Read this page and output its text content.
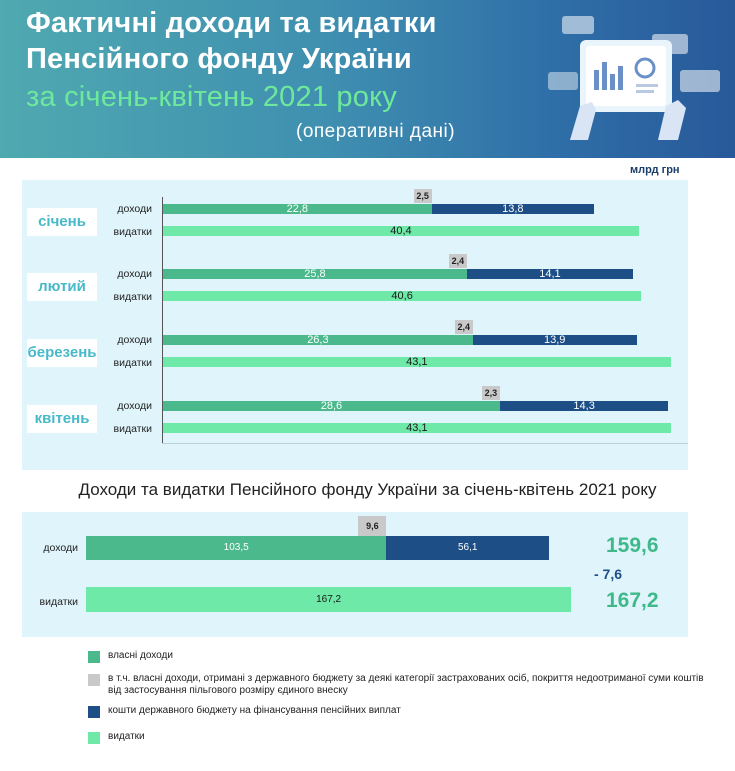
Фактичні доходи та видатки
Пенсійного фонду України
за січень-квітень 2021 року
(оперативні дані)
млрд грн
Доходи та видатки Пенсійного фонду України за січень-квітень 2021 року
159,6
- 7,6
167,2
січень
доходи
видатки
22,8
2,5
13,8
40,4
лютий
доходи
видатки
25,8
2,4
14,1
40,6
березень
доходи
видатки
26,3
2,4
13,9
43,1
квітень
доходи
видатки
28,6
2,3
14,3
43,1
доходи
видатки
103,5
9,6
56,1
167,2
власні доходи
в т.ч. власні доходи, отримані з державного бюджету за деякі категорії застрахованих осіб, покриття недоотриманої суми коштів від застосування пільгового розміру єдиного внеску
кошти державного бюджету на фінансування пенсійних виплат
видатки
